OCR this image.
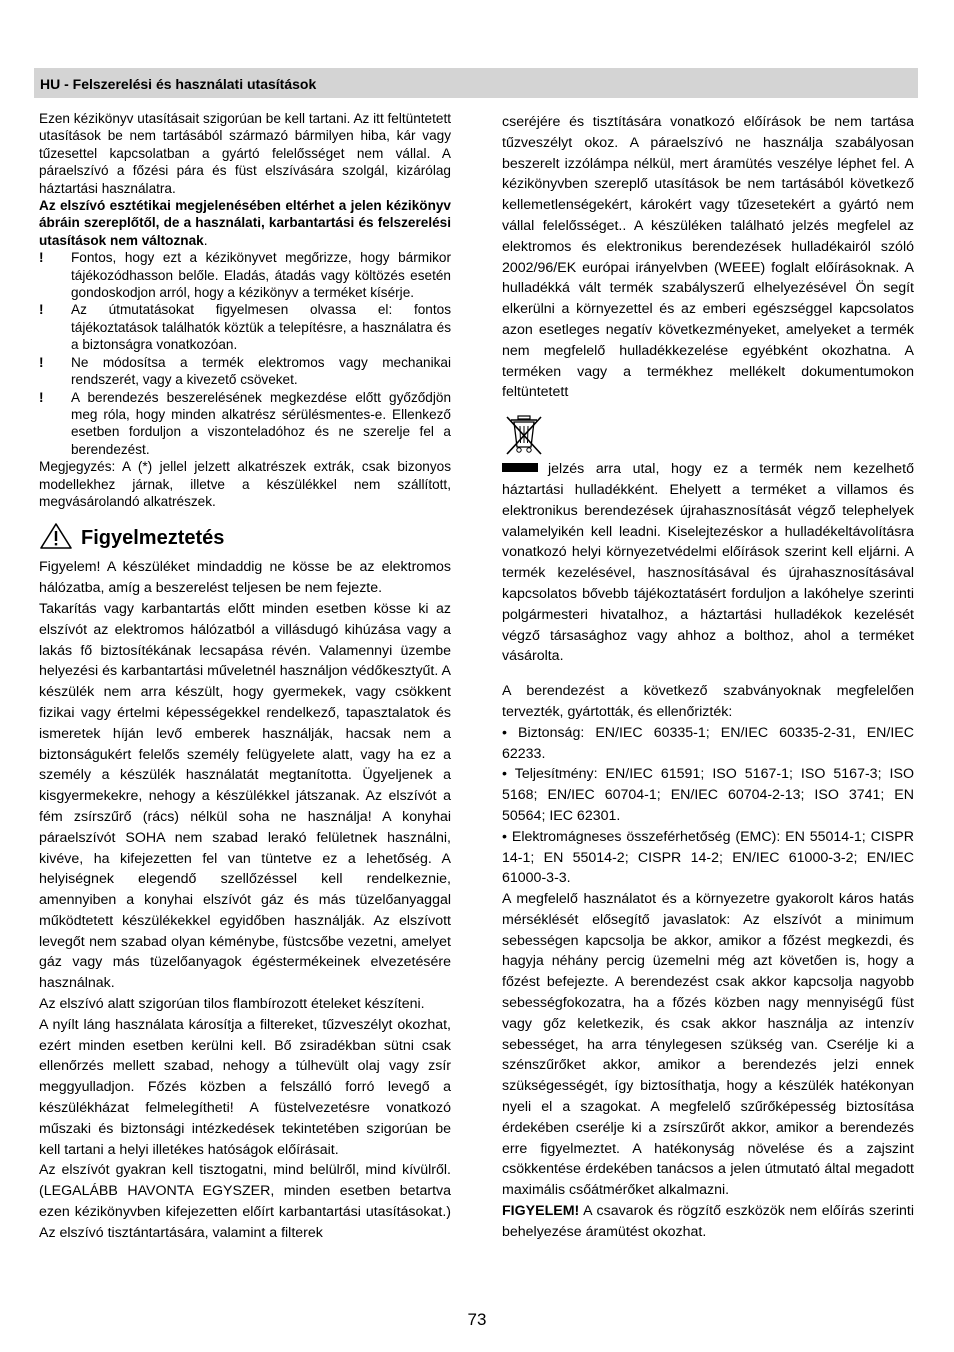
HU - Felszerelési és használati utasítások

Ezen kézikönyv utasításait szigorúan be kell tartani. Az itt feltüntetett utasítások be nem tartásából származó bármilyen hiba, kár vagy tűzesettel kapcsolatban a gyártó felelősséget nem vállal. A páraelszívó a főzési pára és füst elszívására szolgál, kizárólag háztartási használatra.

Az elszívó esztétikai megjelenésében eltérhet a jelen kézikönyv ábráin szereplőtől, de a használati, karbantartási és felszerelési utasítások nem változnak.

!	Fontos, hogy ezt a kézikönyvet megőrizze, hogy bármikor tájékozódhasson belőle. Eladás, átadás vagy költözés esetén gondoskodjon arról, hogy a kézikönyv a terméket kísérje.
!	Az útmutatásokat figyelmesen olvassa el: fontos tájékoztatások találhatók köztük a telepítésre, a használatra és a biztonságra vonatkozóan.
!	Ne módosítsa a termék elektromos vagy mechanikai rendszerét, vagy a kivezető csöveket.
!	A berendezés beszerelésének megkezdése előtt győződjön meg róla, hogy minden alkatrész sérülésmentes-e. Ellenkező esetben forduljon a viszonteladóhoz és ne szerelje fel a berendezést.

Megjegyzés: A (*) jellel jelzett alkatrészek extrák, csak bizonyos modellekhez járnak, illetve a készülékkel nem szállított, megvásárolandó alkatrészek.

Figyelmeztetés

Figyelem! A készüléket mindaddig ne kösse be az elektromos hálózatba, amíg a beszerelést teljesen be nem fejezte.

Takarítás vagy karbantartás előtt minden esetben kösse ki az elszívót az elektromos hálózatból a villásdugó kihúzása vagy a lakás fő biztosítékának lecsapása révén. Valamennyi üzembe helyezési és karbantartási műveletnél használjon védőkesztyűt. A készülék nem arra készült, hogy gyermekek, vagy csökkent fizikai vagy értelmi képességekkel rendelkező, tapasztalatok és ismeretek híján levő emberek használják, hacsak nem a biztonságukért felelős személy felügyelete alatt, vagy ha ez a személy a készülék használatát megtanította. Ügyeljenek a kisgyermekekre, nehogy a készülékkel játszanak. Az elszívót a fém zsírszűrő (rács) nélkül soha ne használja! A konyhai páraelszívót SOHA nem szabad lerakó felületnek használni, kivéve, ha kifejezetten fel van tüntetve ez a lehetőség. A helyiségnek elegendő szellőzéssel kell rendelkeznie, amennyiben a konyhai elszívót gáz és más tüzelőanyaggal működtetett készülékekkel egyidőben használják. Az elszívott levegőt nem szabad olyan kéménybe, füstcsőbe vezetni, amelyet gáz vagy más tüzelőanyagok égéstermékeinek elvezetésére használnak.

Az elszívó alatt szigorúan tilos flambírozott ételeket készíteni.

A nyílt láng használata károsítja a filtereket, tűzveszélyt okozhat, ezért minden esetben kerülni kell. Bő zsiradékban sütni csak ellenőrzés mellett szabad, nehogy a túlhevült olaj vagy zsír meggyulladjon. Főzés közben a felszálló forró levegő a készülékházat felmelegítheti! A füstelvezetésre vonatkozó műszaki és biztonsági intézkedések tekintetében szigorúan be kell tartani a helyi illetékes hatóságok előírásait.

Az elszívót gyakran kell tisztogatni, mind belülről, mind kívülről. (LEGALÁBB HAVONTA EGYSZER, minden esetben betartva ezen kézikönyvben kifejezetten előírt karbantartási utasításokat.) Az elszívó tisztántartására, valamint a filterek

cseréjére és tisztítására vonatkozó előírások be nem tartása tűzveszélyt okoz. A páraelszívó ne használja szabályosan beszerelt izzólámpa nélkül, mert áramütés veszélye léphet fel. A kézikönyvben szereplő utasítások be nem tartásából következő kellemetlenségekért, károkért vagy tűzesetekért a gyártó nem vállal felelősséget.. A készüléken található jelzés megfelel az elektromos és elektronikus berendezések hulladékairól szóló 2002/96/EK európai irányelvben (WEEE) foglalt előírásoknak. A hulladékká vált termék szabályszerű elhelyezésével Ön segít elkerülni a környezettel és az emberi egészséggel kapcsolatos azon esetleges negatív következményeket, amelyeket a termék nem megfelelő hulladékkezelése egyébként okozhatna. A terméken vagy a termékhez mellékelt dokumentumokon feltüntetett

jelzés arra utal, hogy ez a termék nem kezelhető háztartási hulladékként. Ehelyett a terméket a villamos és elektronikus berendezések újrahasznosítását végző telephelyek valamelyikén kell leadni. Kiselejtezéskor a hulladékeltávolításra vonatkozó helyi környezetvédelmi előírások szerint kell eljárni. A termék kezelésével, hasznosításával és újrahasznosításával kapcsolatos bővebb tájékoztatásért forduljon a lakóhelye szerinti polgármesteri hivatalhoz, a háztartási hulladékok kezelését végző társasághoz vagy ahhoz a bolthoz, ahol a terméket vásárolta.

A berendezést a következő szabványoknak megfelelően tervezték, gyártották, és ellenőrizték:

• Biztonság: EN/IEC 60335-1; EN/IEC 60335-2-31, EN/IEC 62233.

• Teljesítmény: EN/IEC 61591; ISO 5167-1; ISO 5167-3; ISO 5168; EN/IEC 60704-1; EN/IEC 60704-2-13; ISO 3741; EN 50564; IEC 62301.

• Elektromágneses összeférhetőség (EMC): EN 55014-1; CISPR 14-1; EN 55014-2; CISPR 14-2; EN/IEC 61000-3-2; EN/IEC 61000-3-3.

A megfelelő használatot és a környezetre gyakorolt káros hatás mérséklését elősegítő javaslatok: Az elszívót a minimum sebességen kapcsolja be akkor, amikor a főzést megkezdi, és hagyja néhány percig üzemelni még azt követően is, hogy a főzést befejezte. A berendezést csak akkor kapcsolja nagyobb sebességfokozatra, ha a főzés közben nagy mennyiségű füst vagy gőz keletkezik, és csak akkor használja az intenzív sebességet, ha arra ténylegesen szükség van. Cserélje ki a szénszűrőket akkor, amikor a berendezés jelzi ennek szükségességét, így biztosíthatja, hogy a készülék hatékonyan nyeli el a szagokat. A megfelelő szűrőképesség biztosítása érdekében cserélje ki a zsírszűrőt akkor, amikor a berendezés erre figyelmeztet. A hatékonyság növelése és a zajszint csökkentése érdekében tanácsos a jelen útmutató által megadott maximális csőátmérőket alkalmazni.

FIGYELEM! A csavarok és rögzítő eszközök nem előírás szerinti behelyezése áramütést okozhat.

73
